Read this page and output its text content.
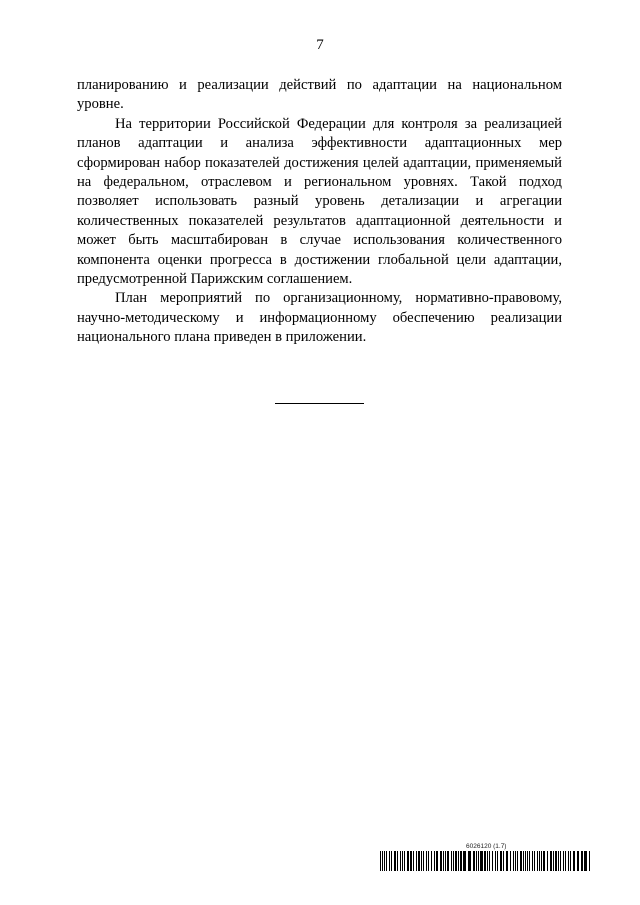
7

планированию и реализации действий по адаптации на национальном уровне.

На территории Российской Федерации для контроля за реализацией планов адаптации и анализа эффективности адаптационных мер сформирован набор показателей достижения целей адаптации, применяемый на федеральном, отраслевом и региональном уровнях. Такой подход позволяет использовать разный уровень детализации и агрегации количественных показателей результатов адаптационной деятельности и может быть масштабирован в случае использования количественного компонента оценки прогресса в достижении глобальной цели адаптации, предусмотренной Парижским соглашением.

План мероприятий по организационному, нормативно-правовому, научно-методическому и информационному обеспечению реализации национального плана приведен в приложении.

6026120 (1.7)
